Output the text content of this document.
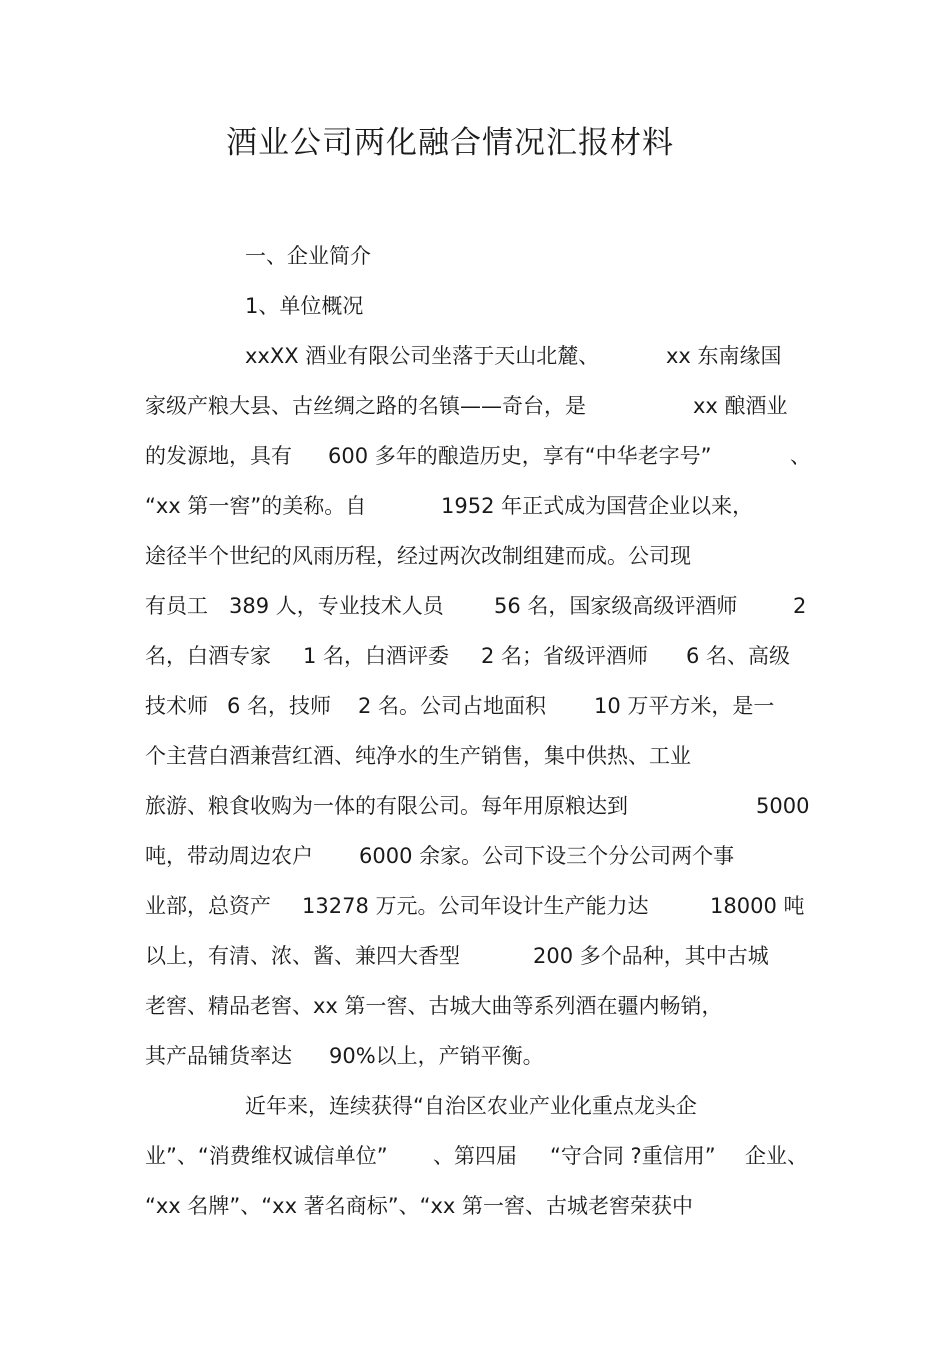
酒业公司两化融合情况汇报材料
一、企业简介
1、单位概况
xxXX 酒业有限公司坐落于天山北麓、	xx 东南缘国
家级产粮大县、古丝绸之路的名镇——奇台，是	xx 酿酒业
的发源地，具有 600 多年的酿造历史，享有“中华老字号”	、
“xx 第一窖”的美称。自	1952 年正式成为国营企业以来，
途径半个世纪的风雨历程，经过两次改制组建而成。公司现
有员工 389 人，专业技术人员 56 名，国家级高级评酒师	2
名，白酒专家 1 名，白酒评委 2 名；省级评酒师 6 名、高级
技术师 6 名，技师 2 名。公司占地面积 10 万平方米，是一
个主营白酒兼营红酒、纯净水的生产销售，集中供热、工业
旅游、粮食收购为一体的有限公司。每年用原粮达到	5000
吨，带动周边农户 6000 余家。公司下设三个分公司两个事
业部，总资产 13278 万元。公司年设计生产能力达	18000 吨
以上，有清、浓、酱、兼四大香型	200 多个品种，其中古城
老窖、精品老窖、xx 第一窖、古城大曲等系列酒在疆内畅销，
其产品铺货率达 90%以上，产销平衡。
近年来，连续获得“自治区农业产业化重点龙头企
业”、“消费维权诚信单位” 、第四届 “守合同 ?重信用” 企业、
“xx 名牌”、“xx 著名商标”、“xx 第一窖、古城老窖荣获中
